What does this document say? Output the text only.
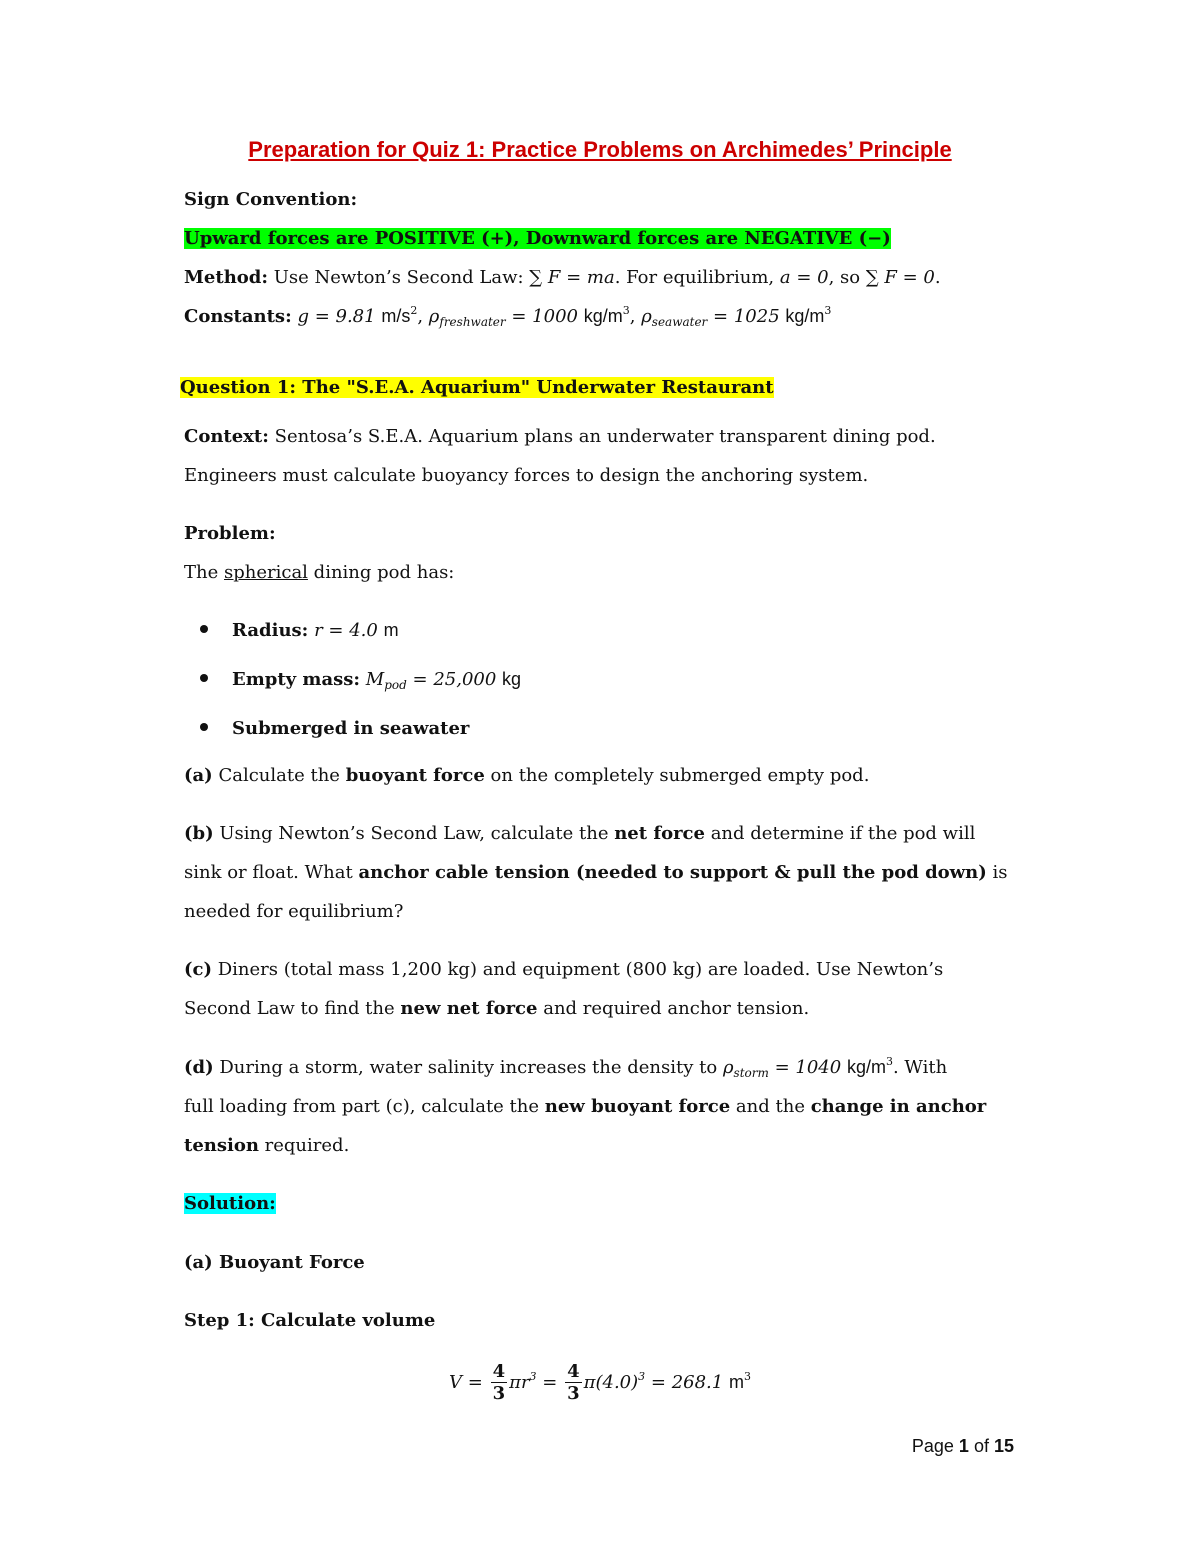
Preparation for Quiz 1: Practice Problems on Archimedes’ Principle
Sign Convention:
Upward forces are POSITIVE (+), Downward forces are NEGATIVE (−)
Method: Use Newton’s Second Law: ∑ F = ma. For equilibrium, a = 0, so ∑ F = 0.
Constants: g = 9.81 $m/s^2$, $\rho_{freshwater} = 1000$ $kg/m^3$, $\rho_{seawater} = 1025$ $kg/m^3$
Question 1: The "S.E.A. Aquarium" Underwater Restaurant
Context: Sentosa’s S.E.A. Aquarium plans an underwater transparent dining pod.
Engineers must calculate buoyancy forces to design the anchoring system.
Problem:
The spherical dining pod has:
Radius: r = 4.0 m
Empty mass: $M_{pod} = 25,000$ kg
Submerged in seawater
(a) Calculate the buoyant force on the completely submerged empty pod.
(b) Using Newton’s Second Law, calculate the net force and determine if the pod will
sink or float. What anchor cable tension (needed to support & pull the pod down) is
needed for equilibrium?
(c) Diners (total mass 1,200 kg) and equipment (800 kg) are loaded. Use Newton’s
Second Law to find the new net force and required anchor tension.
(d) During a storm, water salinity increases the density to $\rho_{storm} = 1040$ $kg/m^3$. With
full loading from part (c), calculate the new buoyant force and the change in anchor
tension required.
Solution:
(a) Buoyant Force
Step 1: Calculate volume
$V = \frac{4}{3} \pi r^3 = \frac{4}{3} \pi(4.0)^3 = 268.1$ $m^3$
Page 1 of 15
